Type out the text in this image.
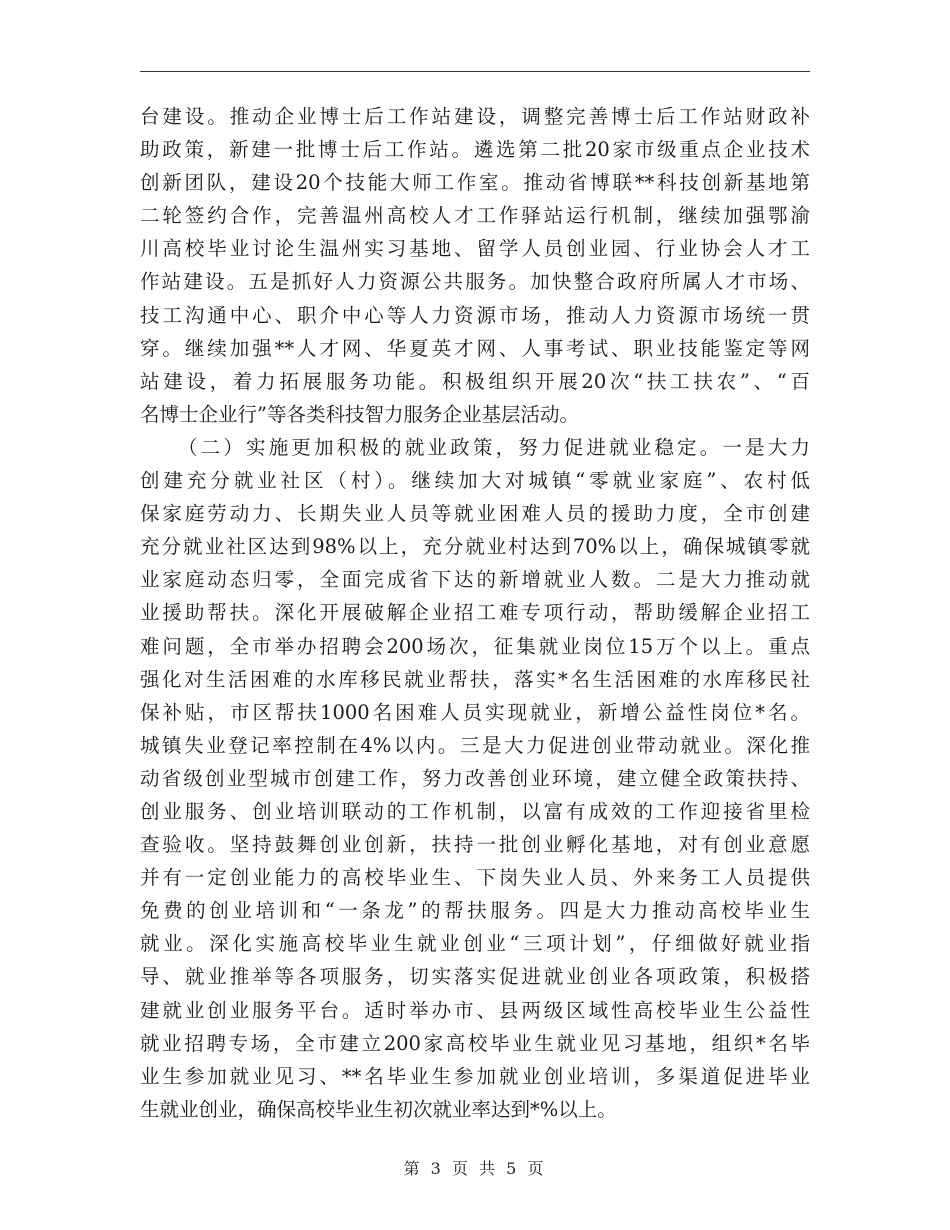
台建设。推动企业博士后工作站建设，调整完善博士后工作站财政补
助政策，新建一批博士后工作站。遴选第二批20家市级重点企业技术
创新团队，建设20个技能大师工作室。推动省博联**科技创新基地第
二轮签约合作，完善温州高校人才工作驿站运行机制，继续加强鄂渝
川高校毕业讨论生温州实习基地、留学人员创业园、行业协会人才工
作站建设。五是抓好人力资源公共服务。加快整合政府所属人才市场、
技工沟通中心、职介中心等人力资源市场，推动人力资源市场统一贯
穿。继续加强**人才网、华夏英才网、人事考试、职业技能鉴定等网
站建设，着力拓展服务功能。积极组织开展20次“扶工扶农”、“百
名博士企业行”等各类科技智力服务企业基层活动。
（二）实施更加积极的就业政策，努力促进就业稳定。一是大力
创建充分就业社区（村）。继续加大对城镇“零就业家庭”、农村低
保家庭劳动力、长期失业人员等就业困难人员的援助力度，全市创建
充分就业社区达到98%以上，充分就业村达到70%以上，确保城镇零就
业家庭动态归零，全面完成省下达的新增就业人数。二是大力推动就
业援助帮扶。深化开展破解企业招工难专项行动，帮助缓解企业招工
难问题，全市举办招聘会200场次，征集就业岗位15万个以上。重点
强化对生活困难的水库移民就业帮扶，落实*名生活困难的水库移民社
保补贴，市区帮扶1000名困难人员实现就业，新增公益性岗位*名。
城镇失业登记率控制在4%以内。三是大力促进创业带动就业。深化推
动省级创业型城市创建工作，努力改善创业环境，建立健全政策扶持、
创业服务、创业培训联动的工作机制，以富有成效的工作迎接省里检
查验收。坚持鼓舞创业创新，扶持一批创业孵化基地，对有创业意愿
并有一定创业能力的高校毕业生、下岗失业人员、外来务工人员提供
免费的创业培训和“一条龙”的帮扶服务。四是大力推动高校毕业生
就业。深化实施高校毕业生就业创业“三项计划”，仔细做好就业指
导、就业推举等各项服务，切实落实促进就业创业各项政策，积极搭
建就业创业服务平台。适时举办市、县两级区域性高校毕业生公益性
就业招聘专场，全市建立200家高校毕业生就业见习基地，组织*名毕
业生参加就业见习、**名毕业生参加就业创业培训，多渠道促进毕业
生就业创业，确保高校毕业生初次就业率达到*%以上。
第 3 页 共 5 页
